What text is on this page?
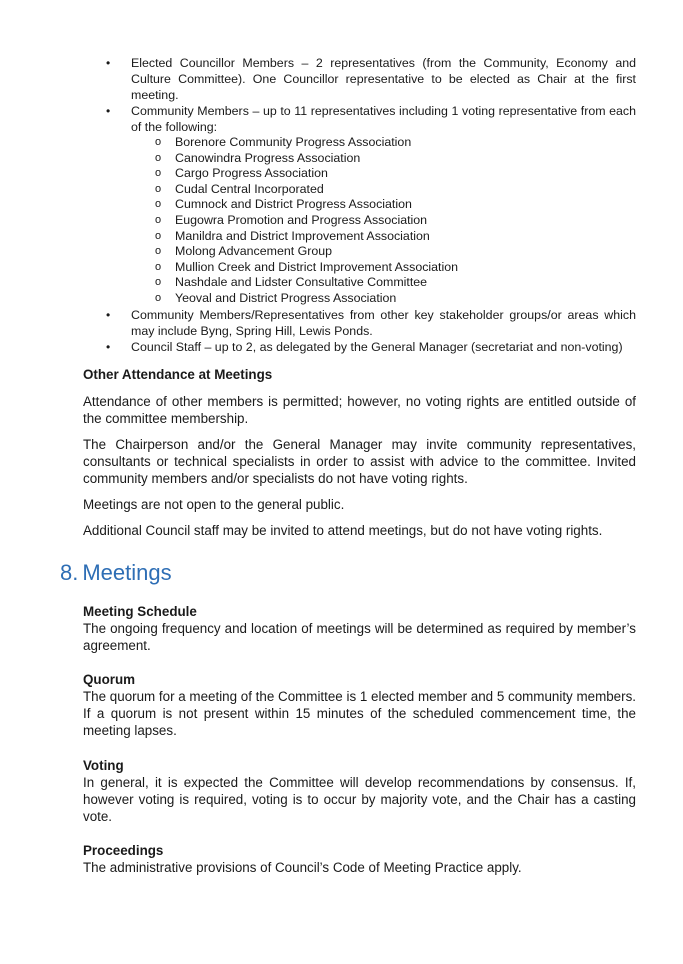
• Elected Councillor Members – 2 representatives (from the Community, Economy and Culture Committee). One Councillor representative to be elected as Chair at the first meeting.
• Community Members – up to 11 representatives including 1 voting representative from each of the following:
o Borenore Community Progress Association
o Canowindra Progress Association
o Cargo Progress Association
o Cudal Central Incorporated
o Cumnock and District Progress Association
o Eugowra Promotion and Progress Association
o Manildra and District Improvement Association
o Molong Advancement Group
o Mullion Creek and District Improvement Association
o Nashdale and Lidster Consultative Committee
o Yeoval and District Progress Association
• Community Members/Representatives from other key stakeholder groups/or areas which may include Byng, Spring Hill, Lewis Ponds.
• Council Staff – up to 2, as delegated by the General Manager (secretariat and non-voting)
Other Attendance at Meetings
Attendance of other members is permitted; however, no voting rights are entitled outside of the committee membership.
The Chairperson and/or the General Manager may invite community representatives, consultants or technical specialists in order to assist with advice to the committee. Invited community members and/or specialists do not have voting rights.
Meetings are not open to the general public.
Additional Council staff may be invited to attend meetings, but do not have voting rights.
8. Meetings
Meeting Schedule
The ongoing frequency and location of meetings will be determined as required by member’s agreement.
Quorum
The quorum for a meeting of the Committee is 1 elected member and 5 community members. If a quorum is not present within 15 minutes of the scheduled commencement time, the meeting lapses.
Voting
In general, it is expected the Committee will develop recommendations by consensus. If, however voting is required, voting is to occur by majority vote, and the Chair has a casting vote.
Proceedings
The administrative provisions of Council’s Code of Meeting Practice apply.
